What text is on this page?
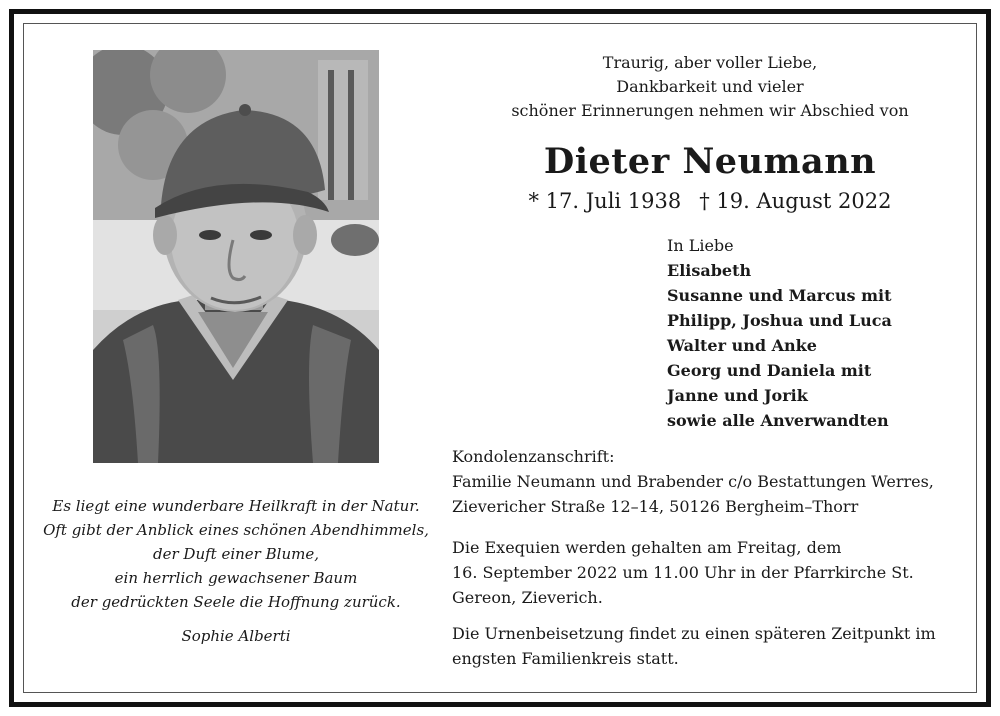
Es liegt eine wunderbare Heilkraft in der Natur.
Oft gibt der Anblick eines schönen Abendhimmels,
der Duft einer Blume,
ein herrlich gewachsener Baum
der gedrückten Seele die Hoffnung zurück.
Sophie Alberti
Traurig, aber voller Liebe,
Dankbarkeit und vieler
schöner Erinnerungen nehmen wir Abschied von
Dieter Neumann
* 17. Juli 1938 † 19. August 2022
In Liebe
Elisabeth
Susanne und Marcus mit
Philipp, Joshua und Luca
Walter und Anke
Georg und Daniela mit
Janne und Jorik
sowie alle Anverwandten
Kondolenzanschrift:
Familie Neumann und Brabender c/o Bestattungen Werres,
Zievericher Straße 12–14, 50126 Bergheim–Thorr
Die Exequien werden gehalten am Freitag, dem
16. September 2022 um 11.00 Uhr in der Pfarrkirche St.
Gereon, Zieverich.
Die Urnenbeisetzung findet zu einen späteren Zeitpunkt im
engsten Familienkreis statt.
